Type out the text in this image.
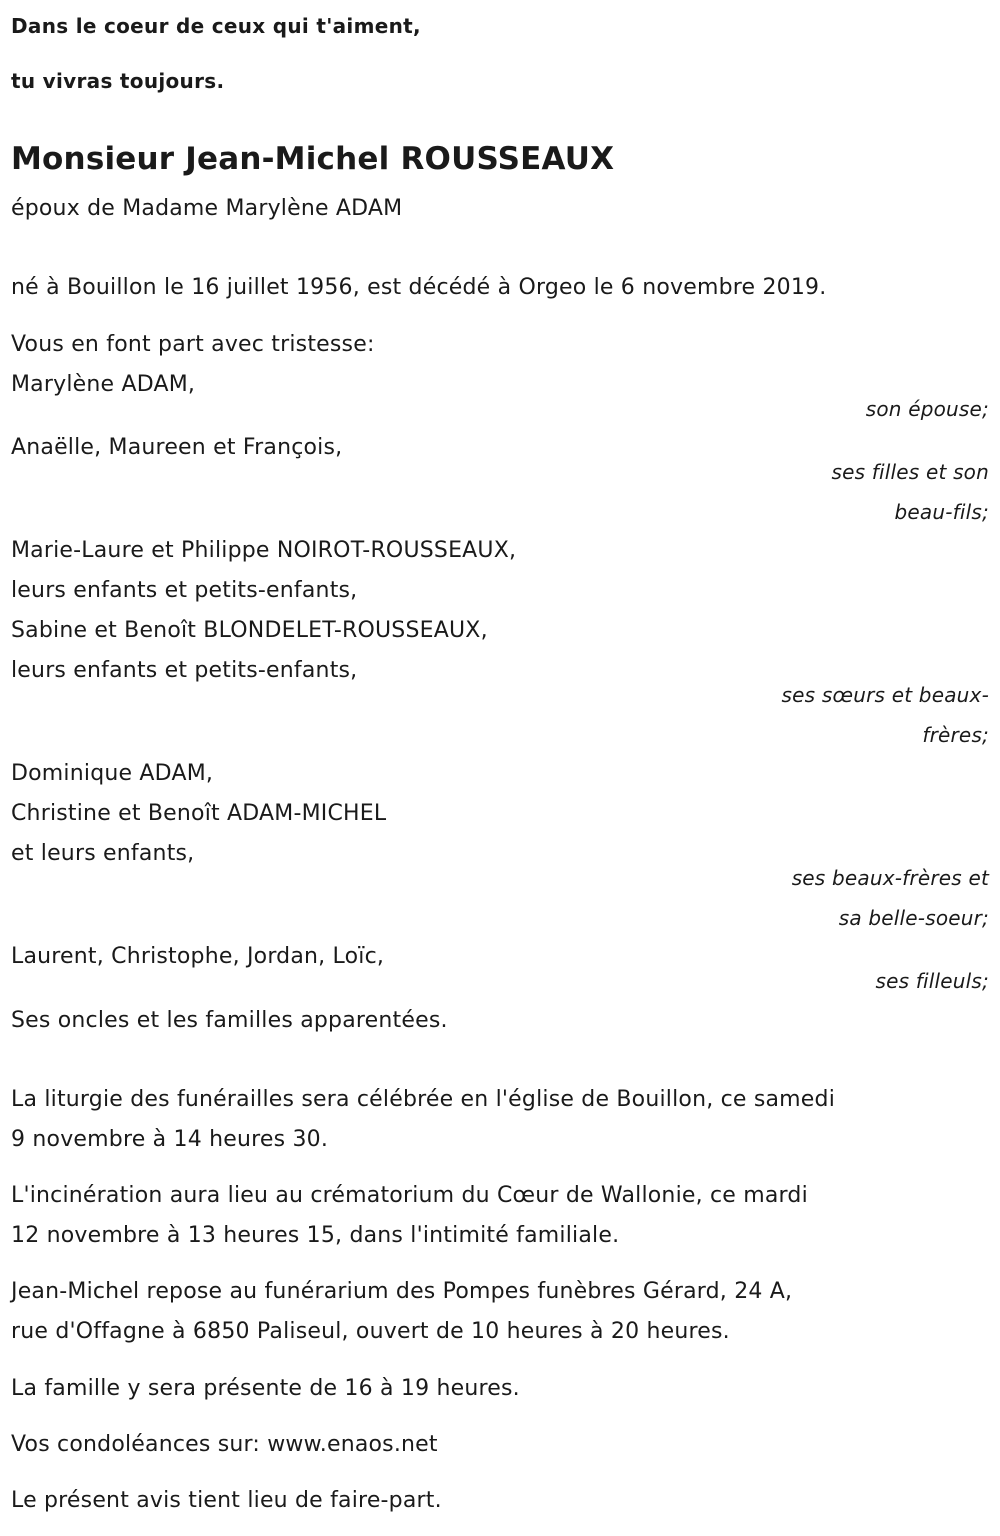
Dans le coeur de ceux qui t'aiment,
tu vivras toujours.
Monsieur Jean-Michel ROUSSEAUX
époux de Madame Marylène ADAM
né à Bouillon le 16 juillet 1956, est décédé à Orgeo le 6 novembre 2019.
Vous en font part avec tristesse:
Marylène ADAM,
son épouse;
Anaëlle, Maureen et François,
ses filles et son
beau-fils;
Marie-Laure et Philippe NOIROT-ROUSSEAUX,
leurs enfants et petits-enfants,
Sabine et Benoît BLONDELET-ROUSSEAUX,
leurs enfants et petits-enfants,
ses sœurs et beaux-
frères;
Dominique ADAM,
Christine et Benoît ADAM-MICHEL
et leurs enfants,
ses beaux-frères et
sa belle-soeur;
Laurent, Christophe, Jordan, Loïc,
ses filleuls;
Ses oncles et les familles apparentées.
La liturgie des funérailles sera célébrée en l'église de Bouillon, ce samedi
9 novembre à 14 heures 30.
L'incinération aura lieu au crématorium du Cœur de Wallonie, ce mardi
12 novembre à 13 heures 15, dans l'intimité familiale.
Jean-Michel repose au funérarium des Pompes funèbres Gérard, 24 A,
rue d'Offagne à 6850 Paliseul, ouvert de 10 heures à 20 heures.
La famille y sera présente de 16 à 19 heures.
Vos condoléances sur: www.enaos.net
Le présent avis tient lieu de faire-part.
